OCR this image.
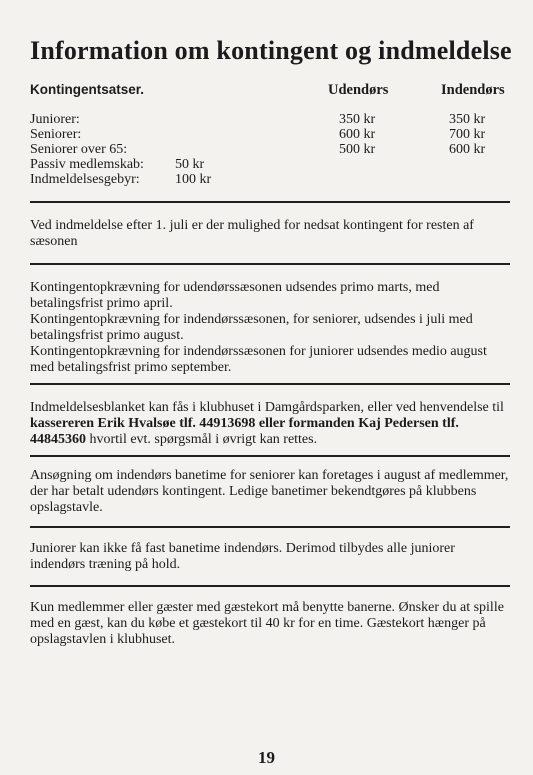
Information om kontingent og indmeldelse
Kontingentsatser.	Udendørs	Indendørs
Juniorer:	350 kr	350 kr
Seniorer:	600 kr	700 kr
Seniorer over 65:	500 kr	600 kr
Passiv medlemskab: 50 kr
Indmeldelsesgebyr:	100 kr
Ved indmeldelse efter 1. juli er der mulighed for nedsat kontingent for resten af sæsonen
Kontingentopkrævning for udendørssæsonen udsendes primo marts, med betalingsfrist primo april.
Kontingentopkrævning for indendørssæsonen, for seniorer, udsendes i juli med betalingsfrist primo august.
Kontingentopkrævning for indendørssæsonen for juniorer udsendes medio august med betalingsfrist primo september.
Indmeldelsesblanket kan fås i klubhuset i Damgårdsparken, eller ved henvendelse til kassereren Erik Hvalsøe tlf. 44913698 eller formanden Kaj Pedersen tlf. 44845360 hvortil evt. spørgsmål i øvrigt kan rettes.
Ansøgning om indendørs banetime for seniorer kan foretages i august af medlemmer, der har betalt udendørs kontingent. Ledige banetimer bekendtgøres på klubbens opslagstavle.
Juniorer kan ikke få fast banetime indendørs. Derimod tilbydes alle juniorer indendørs træning på hold.
Kun medlemmer eller gæster med gæstekort må benytte banerne. Ønsker du at spille med en gæst, kan du købe et gæstekort til 40 kr for en time. Gæstekort hænger på opslagstavlen i klubhuset.
19
